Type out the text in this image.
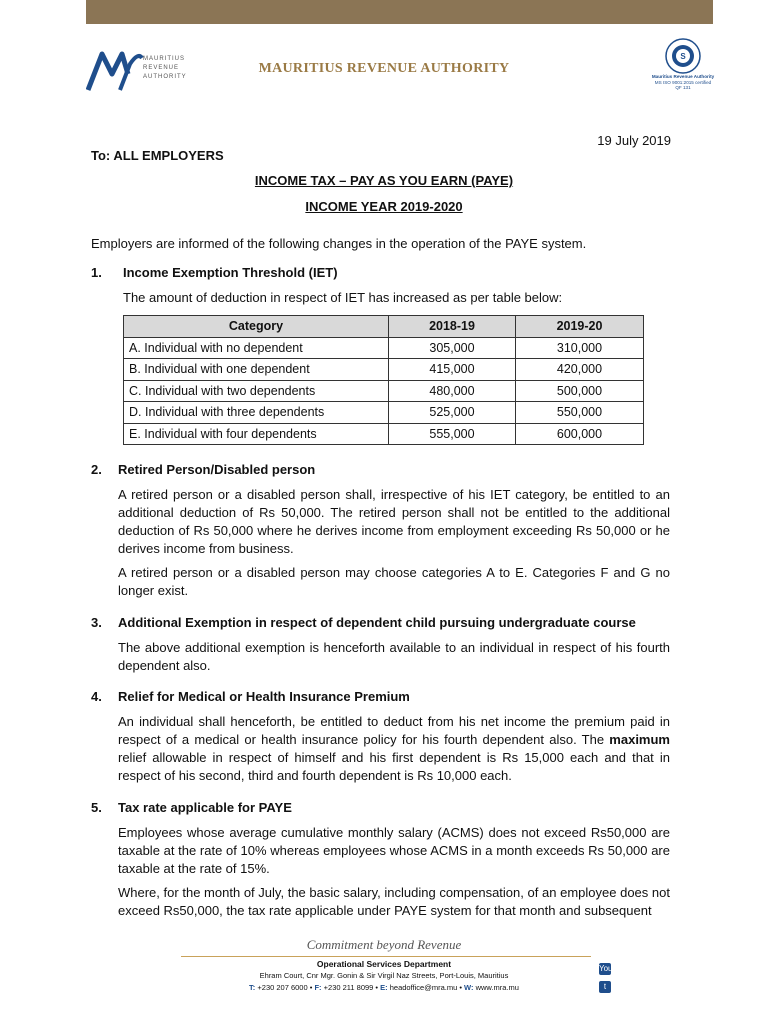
MAURITIUS
REVENUE
AUTHORITY
MAURITIUS REVENUE AUTHORITY
S
Mauritius Revenue Authority
MS ISO 9001:2015 certified
QF 131
19 July 2019
To: ALL EMPLOYERS
INCOME TAX – PAY AS YOU EARN (PAYE)
INCOME YEAR 2019-2020
Employers are informed of the following changes in the operation of the PAYE system.
1. Income Exemption Threshold (IET)
The amount of deduction in respect of IET has increased as per table below:
Category	2018-19	2019-20
A. Individual with no dependent	305,000	310,000
B. Individual with one dependent	415,000	420,000
C. Individual with two dependents	480,000	500,000
D. Individual with three dependents	525,000	550,000
E. Individual with four dependents	555,000	600,000
2. Retired Person/Disabled person
A retired person or a disabled person shall, irrespective of his IET category, be entitled to an additional deduction of Rs 50,000. The retired person shall not be entitled to the additional deduction of Rs 50,000 where he derives income from employment exceeding Rs 50,000 or he derives income from business.
A retired person or a disabled person may choose categories A to E. Categories F and G no longer exist.
3. Additional Exemption in respect of dependent child pursuing undergraduate course
The above additional exemption is henceforth available to an individual in respect of his fourth dependent also.
4. Relief for Medical or Health Insurance Premium
An individual shall henceforth, be entitled to deduct from his net income the premium paid in respect of a medical or health insurance policy for his fourth dependent also. The maximum relief allowable in respect of himself and his first dependent is Rs 15,000 each and that in respect of his second, third and fourth dependent is Rs 10,000 each.
5. Tax rate applicable for PAYE
Employees whose average cumulative monthly salary (ACMS) does not exceed Rs50,000 are taxable at the rate of 10% whereas employees whose ACMS in a month exceeds Rs 50,000 are taxable at the rate of 15%.
Where, for the month of July, the basic salary, including compensation, of an employee does not exceed Rs50,000, the tax rate applicable under PAYE system for that month and subsequent
Commitment beyond Revenue
Operational Services Department
Ehram Court, Cnr Mgr. Gonin & Sir Virgil Naz Streets, Port-Louis, Mauritius
T: +230 207 6000 • F: +230 211 8099 • E: headoffice@mra.mu • W: www.mra.mu
You
t
